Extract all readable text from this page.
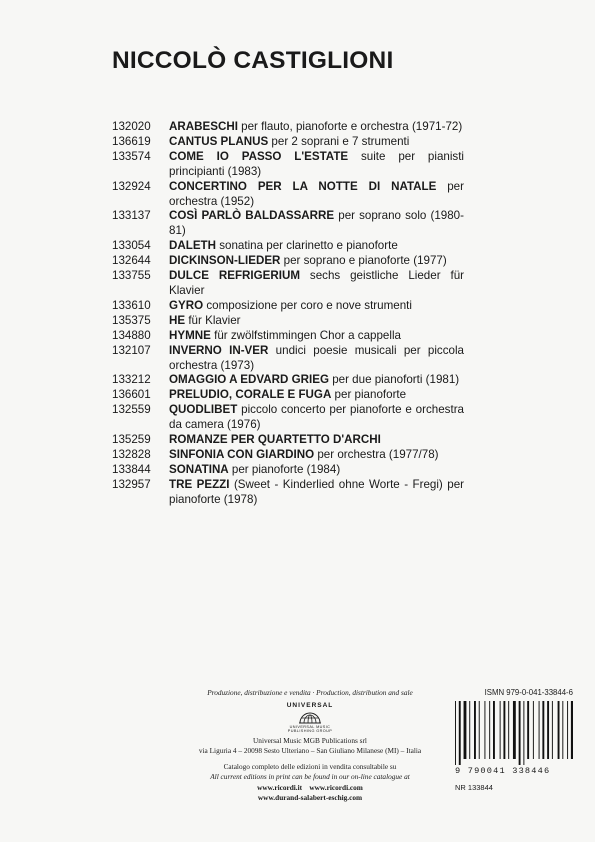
NICCOLÒ CASTIGLIONI
132020	ARABESCHI per flauto, pianoforte e orchestra (1971-72)
136619	CANTUS PLANUS per 2 soprani e 7 strumenti
133574	COME IO PASSO L'ESTATE suite per pianisti principianti (1983)
132924	CONCERTINO PER LA NOTTE DI NATALE per orchestra (1952)
133137	COSÌ PARLÒ BALDASSARRE per soprano solo (1980-81)
133054	DALETH sonatina per clarinetto e pianoforte
132644	DICKINSON-LIEDER per soprano e pianoforte (1977)
133755	DULCE REFRIGERIUM sechs geistliche Lieder für Klavier
133610	GYRO composizione per coro e nove strumenti
135375	HE für Klavier
134880	HYMNE für zwölfstimmingen Chor a cappella
132107	INVERNO IN-VER undici poesie musicali per piccola orchestra (1973)
133212	OMAGGIO A EDVARD GRIEG per due pianoforti (1981)
136601	PRELUDIO, CORALE E FUGA per pianoforte
132559	QUODLIBET piccolo concerto per pianoforte e orchestra da camera (1976)
135259	ROMANZE PER QUARTETTO D'ARCHI
132828	SINFONIA CON GIARDINO per orchestra (1977/78)
133844	SONATINA per pianoforte (1984)
132957	TRE PEZZI (Sweet - Kinderlied ohne Worte - Fregi) per pianoforte (1978)
Produzione, distribuzione e vendita · Production, distribution and sale
UNIVERSAL
UNIVERSAL MUSIC
PUBLISHING GROUP
Universal Music MGB Publications srl
via Liguria 4 – 20098 Sesto Ulteriano – San Giuliano Milanese (MI) – Italia
Catalogo completo delle edizioni in vendita consultabile su
All current editions in print can be found in our on-line catalogue at
www.ricordi.it www.ricordi.com
www.durand-salabert-eschig.com
ISMN 979-0-041-33844-6
9 790041 338446
NR 133844
